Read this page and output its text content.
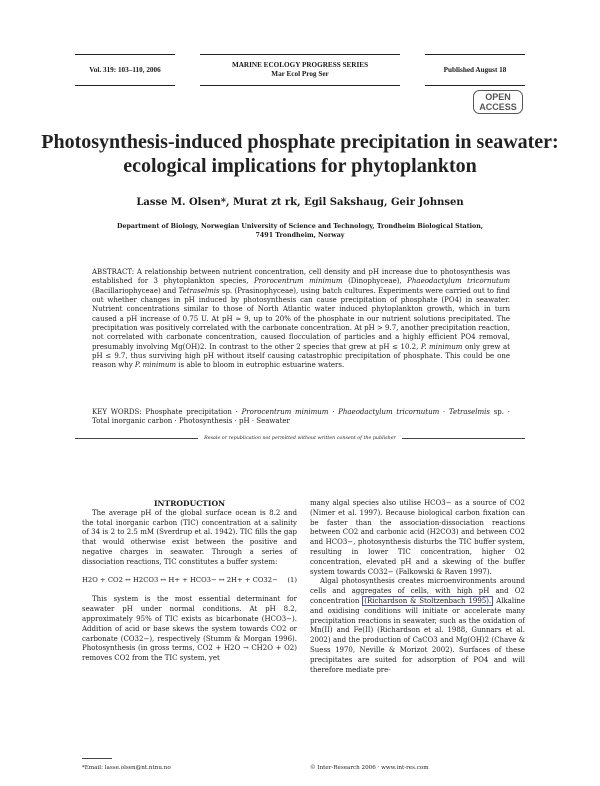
Vol. 319: 103–110, 2006
MARINE ECOLOGY PROGRESS SERIES
Mar Ecol Prog Ser
Published August 18
OPEN
ACCESS
Photosynthesis-induced phosphate precipitation in seawater: ecological implications for phytoplankton
Lasse M. Olsen*, Murat zt rk, Egil Sakshaug, Geir Johnsen
Department of Biology, Norwegian University of Science and Technology, Trondheim Biological Station,
7491 Trondheim, Norway
ABSTRACT: A relationship between nutrient concentration, cell density and pH increase due to photosynthesis was established for 3 phytoplankton species, Prorocentrum minimum (Dinophyceae), Phaeodactylum tricornutum (Bacillariophyceae) and Tetraselmis sp. (Prasinophyceae), using batch cultures. Experiments were carried out to find out whether changes in pH induced by photosynthesis can cause precipitation of phosphate (PO4) in seawater. Nutrient concentrations similar to those of North Atlantic water induced phytoplankton growth, which in turn caused a pH increase of 0.75 U. At pH ≈ 9, up to 20% of the phosphate in our nutrient solutions precipitated. The precipitation was positively correlated with the carbonate concentration. At pH > 9.7, another precipitation reaction, not correlated with carbonate concentration, caused flocculation of particles and a highly efficient PO4 removal, presumably involving Mg(OH)2. In contrast to the other 2 species that grew at pH ≤ 10.2, P. minimum only grew at pH ≤ 9.7, thus surviving high pH without itself causing catastrophic precipitation of phosphate. This could be one reason why P. minimum is able to bloom in eutrophic estuarine waters.
KEY WORDS: Phosphate precipitation · Prorocentrum minimum · Phaeodactylum tricornutum · Tetraselmis sp. · Total inorganic carbon · Photosynthesis · pH · Seawater
Resale or republication not permitted without written consent of the publisher

INTRODUCTION

The average pH of the global surface ocean is 8.2 and the total inorganic carbon (TIC) concentration at a salinity of 34 is 2 to 2.5 mM (Sverdrup et al. 1942). TIC fills the gap that would otherwise exist between the positive and negative charges in seawater. Through a series of dissociation reactions, TIC constitutes a buffer system:

H2O + CO2 ↔ H2CO3 ↔ H+ + HCO3− ↔ 2H+ + CO32− (1)

This system is the most essential determinant for seawater pH under normal conditions. At pH 8.2, approximately 95% of TIC exists as bicarbonate (HCO3−). Addition of acid or base skews the system towards CO2 or carbonate (CO32−), respectively (Stumm & Morgan 1996). Photosynthesis (in gross terms, CO2 + H2O → CH2O + O2) removes CO2 from the TIC system, yet

many algal species also utilise HCO3− as a source of CO2 (Nimer et al. 1997). Because biological carbon fixation can be faster than the association-dissociation reactions between CO2 and carbonic acid (H2CO3) and between CO2 and HCO3−, photosynthesis disturbs the TIC buffer system, resulting in lower TIC concentration, higher O2 concentration, elevated pH and a skewing of the buffer system towards CO32− (Falkowski & Raven 1997).

Algal photosynthesis creates microenvironments around cells and aggregates of cells, with high pH and O2 concentration (Richardson & Stoltzenbach 1995). Alkaline and oxidising conditions will initiate or accelerate many precipitation reactions in seawater, such as the oxidation of Mn(II) and Fe(II) (Richardson et al. 1988, Gunnars et al. 2002) and the production of CaCO3 and Mg(OH)2 (Chave & Suess 1970, Neville & Morizot 2002). Surfaces of these precipitates are suited for adsorption of PO4 and will therefore mediate pre-

*Email: lasse.olsen@nt.ntnu.no	© Inter-Research 2006 · www.int-res.com
